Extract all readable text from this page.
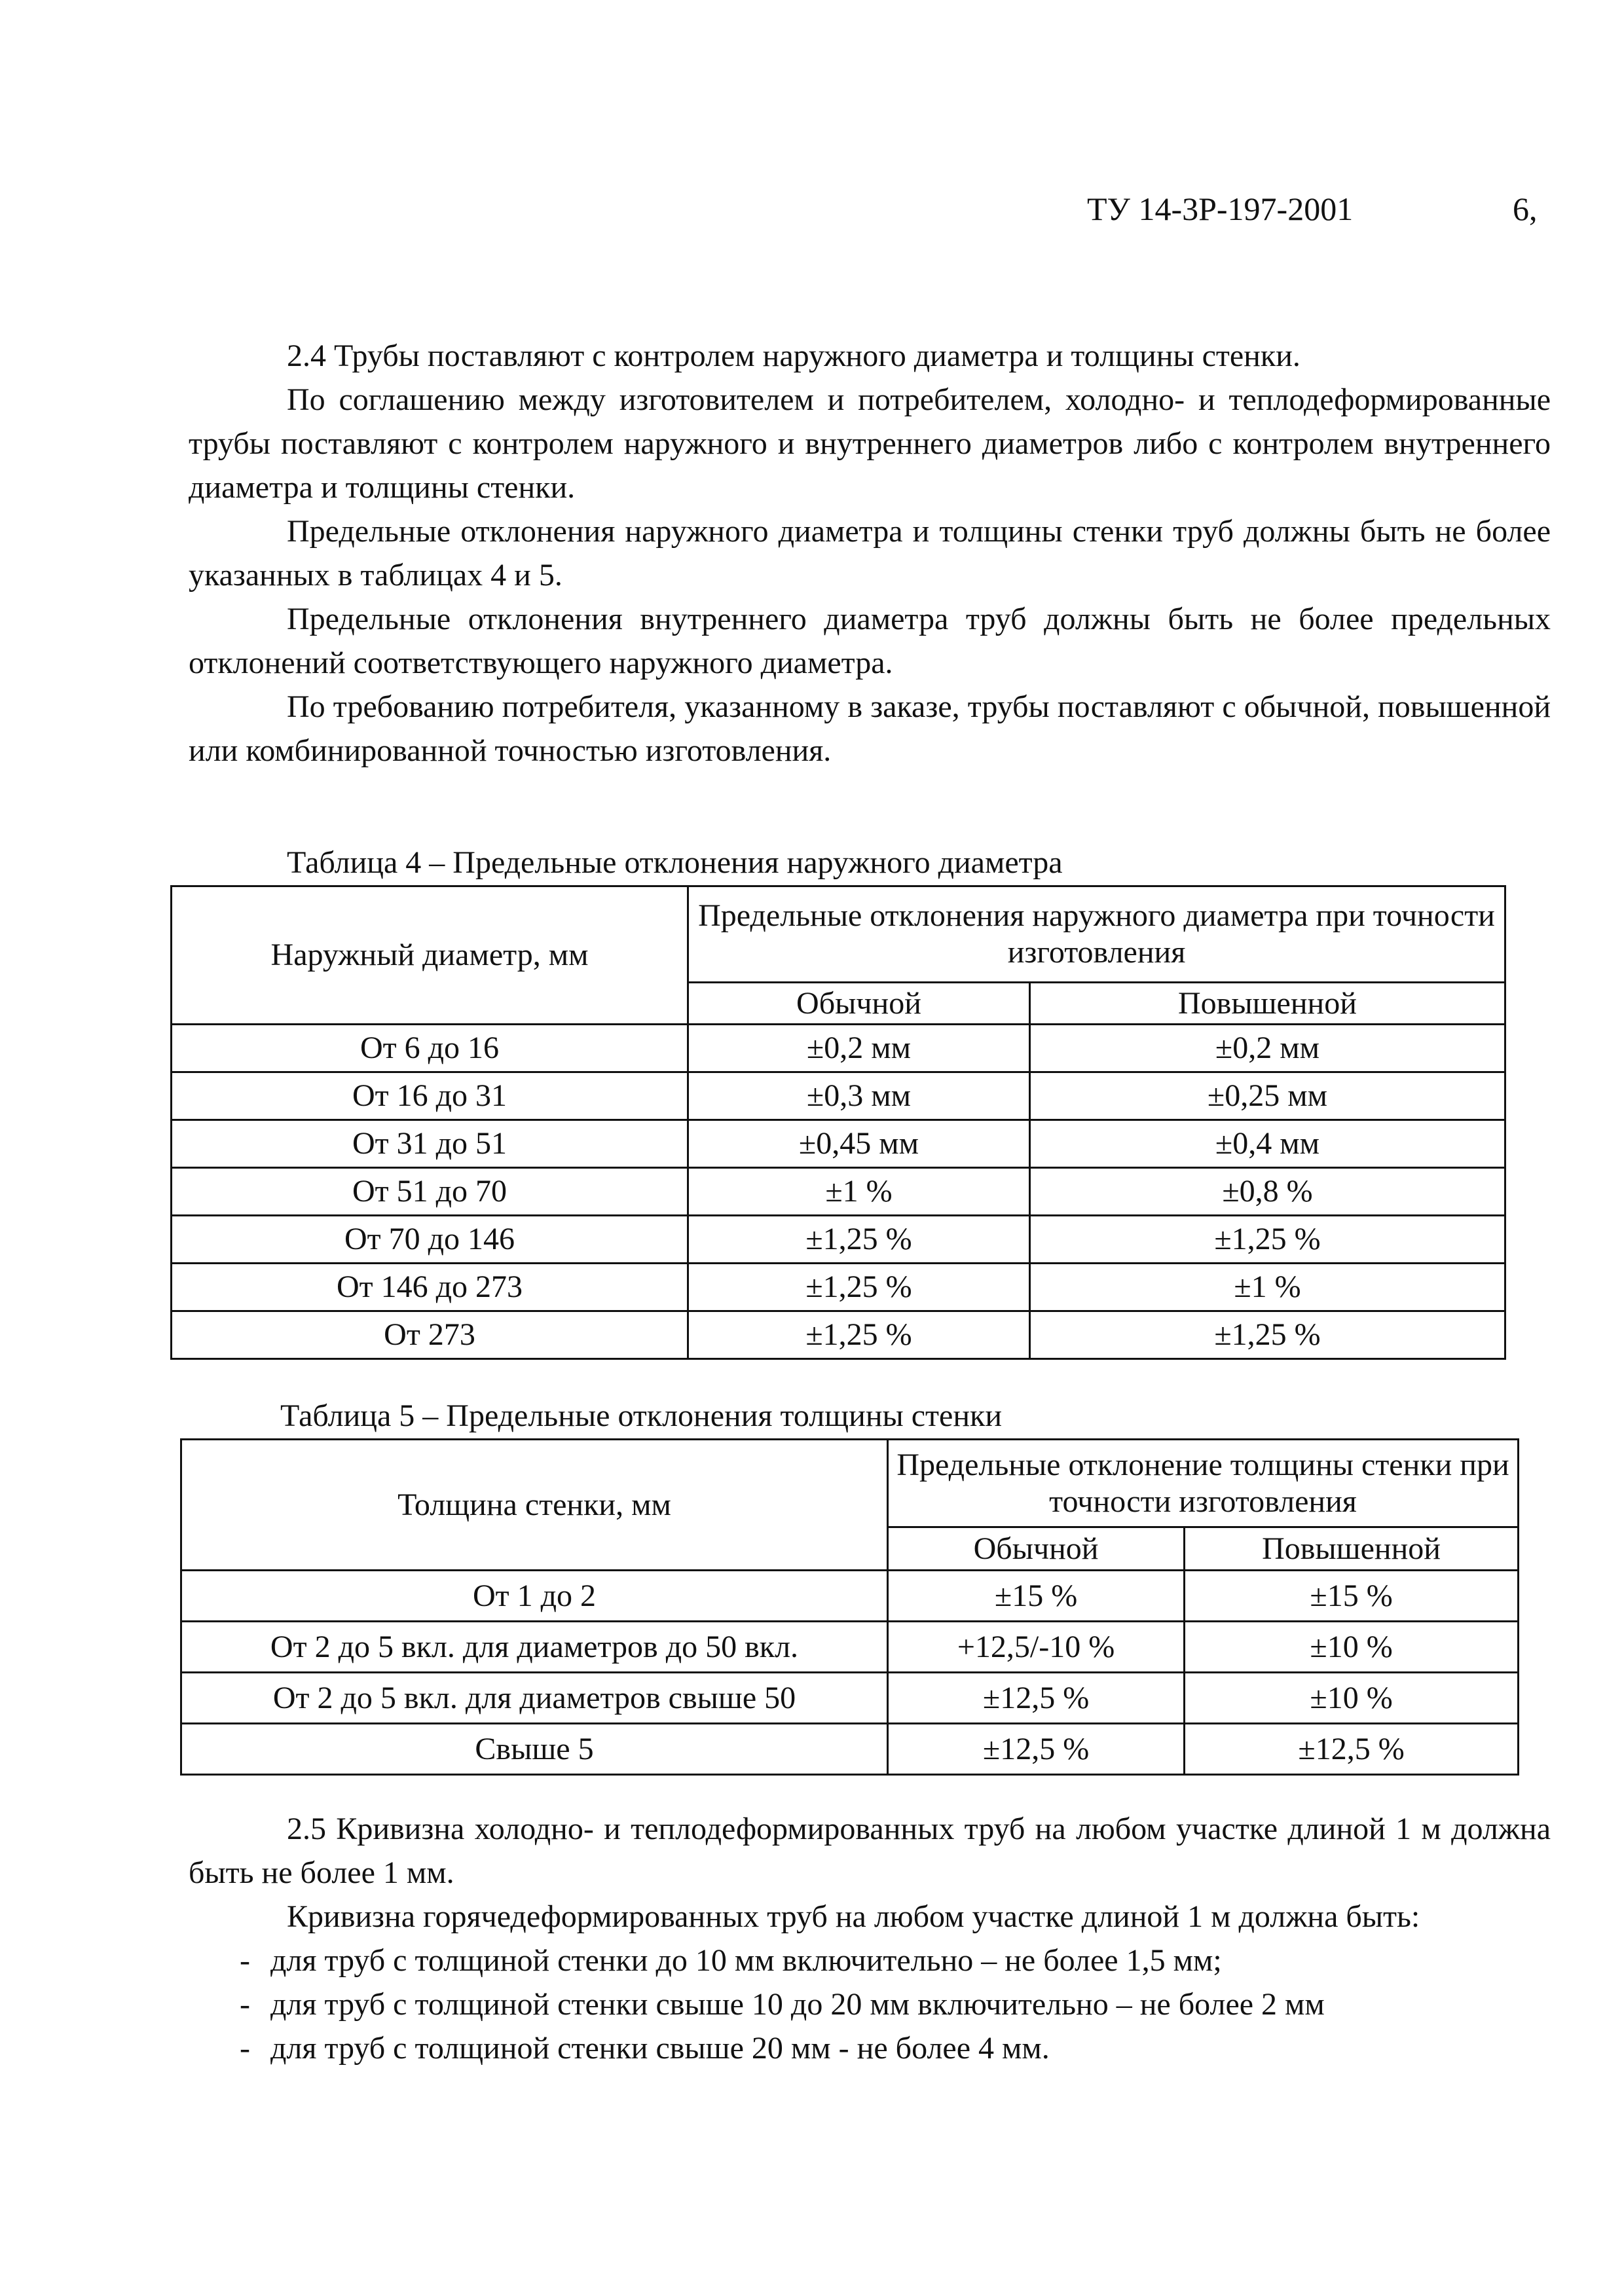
ТУ 14-3Р-197-2001	6,

2.4 Трубы поставляют с контролем наружного диаметра и толщины стенки.

По соглашению между изготовителем и потребителем, холодно- и теплодеформированные трубы поставляют с контролем наружного и внутреннего диаметров либо с контролем внутреннего диаметра и толщины стенки.

Предельные отклонения наружного диаметра и толщины стенки труб должны быть не более указанных в таблицах 4 и 5.

Предельные отклонения внутреннего диаметра труб должны быть не более предельных отклонений соответствующего наружного диаметра.

По требованию потребителя, указанному в заказе, трубы поставляют с обычной, повышенной или комбинированной точностью изготовления.

Таблица 4 – Предельные отклонения наружного диаметра
Наружный диаметр, мм	Предельные отклонения наружного диаметра при точности изготовления	
	Обычной	Повышенной
От 6 до 16	±0,2 мм	±0,2 мм
От 16 до 31	±0,3 мм	±0,25 мм
От 31 до 51	±0,45 мм	±0,4 мм
От 51 до 70	±1 %	±0,8 %
От 70 до 146	±1,25 %	±1,25 %
От 146 до 273	±1,25 %	±1 %
От 273	±1,25 %	±1,25 %
Таблица 5 – Предельные отклонения толщины стенки
Толщина стенки, мм	Предельные отклонение толщины стенки при точности изготовления	
	Обычной	Повышенной
От 1 до 2	±15 %	±15 %
От 2 до 5 вкл. для диаметров до 50 вкл.	+12,5/-10 %	±10 %
От 2 до 5 вкл. для диаметров свыше 50	±12,5 %	±10 %
Свыше 5	±12,5 %	±12,5 %

2.5 Кривизна холодно- и теплодеформированных труб на любом участке длиной 1 м должна быть не более 1 мм.

Кривизна горячедеформированных труб на любом участке длиной 1 м должна быть:

- для труб с толщиной стенки до 10 мм включительно – не более 1,5 мм;
- для труб с толщиной стенки свыше 10 до 20 мм включительно – не более 2 мм
- для труб с толщиной стенки свыше 20 мм - не более 4 мм.
